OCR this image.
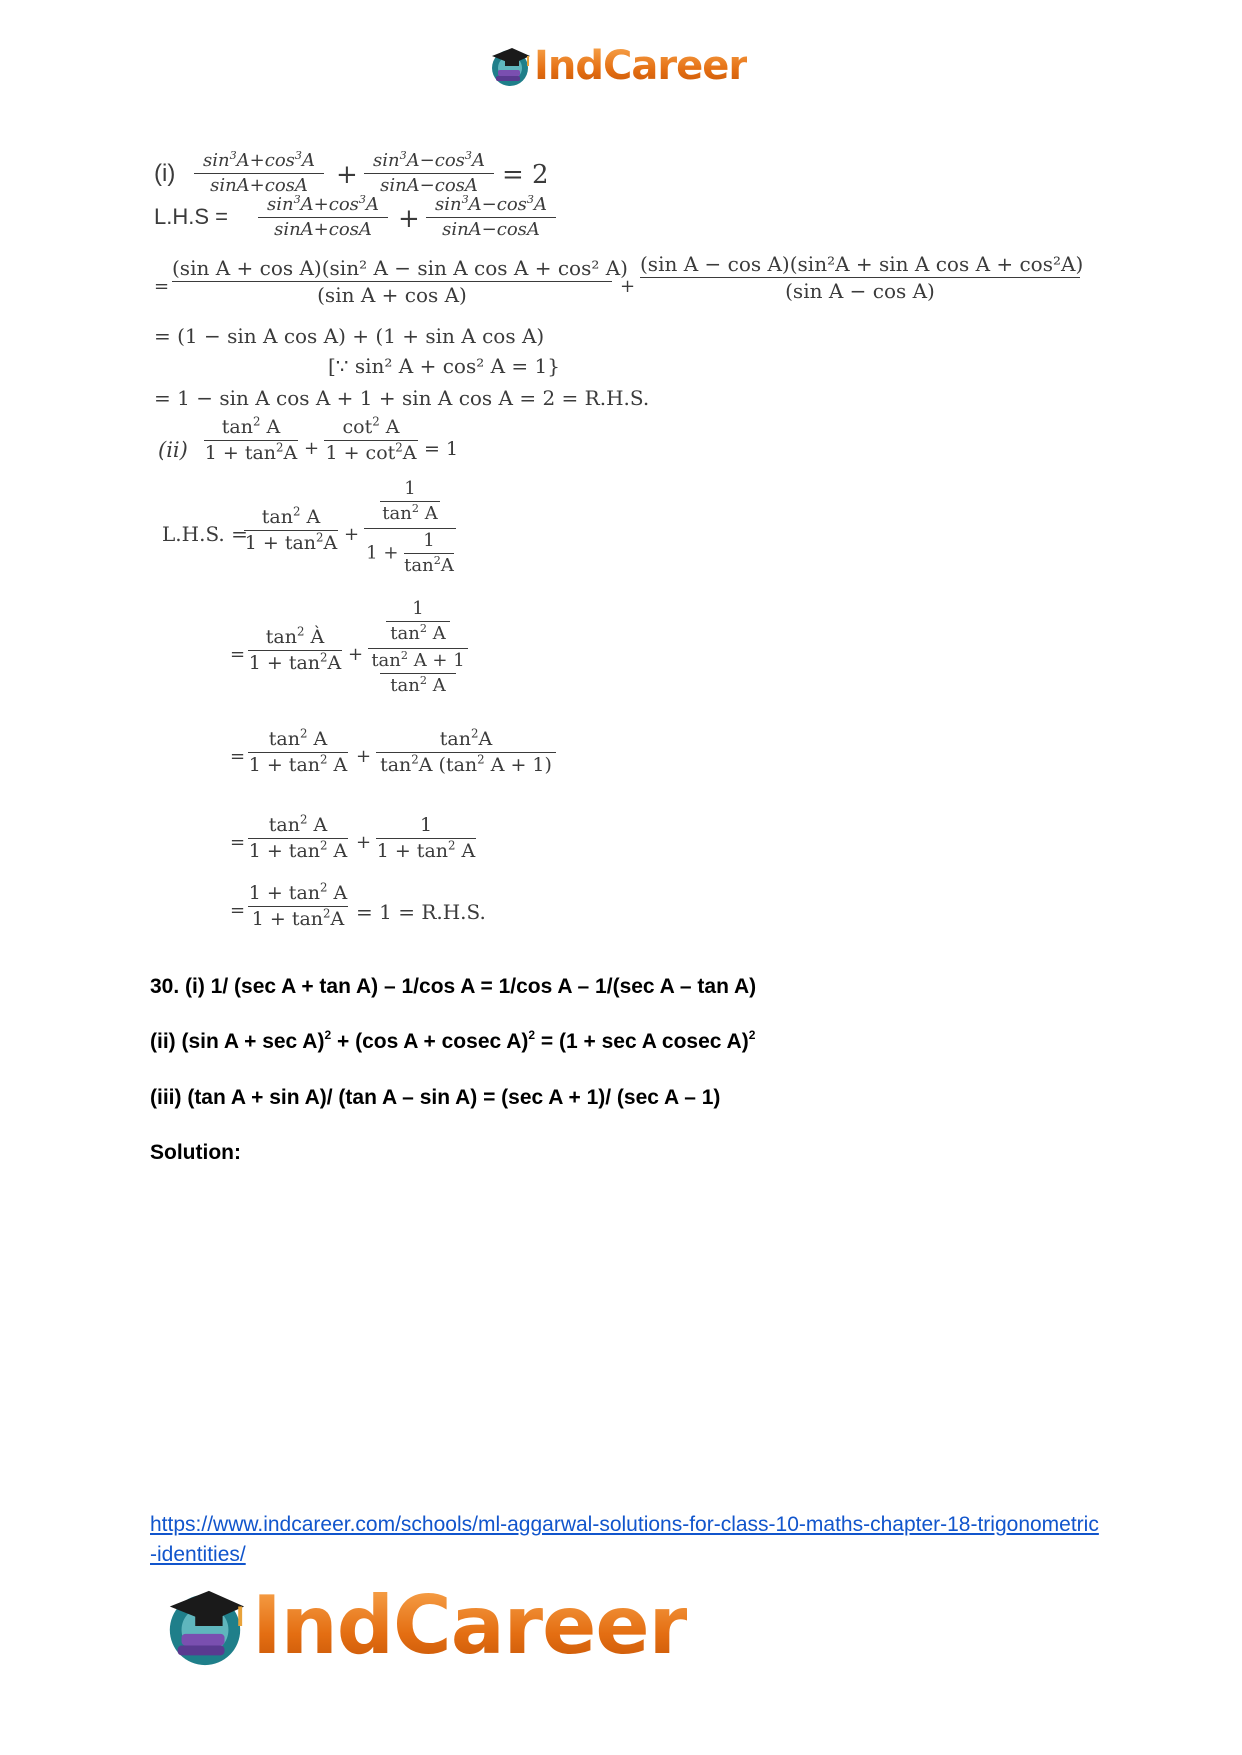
IndCareer
(i)	$\sin^3A+\cos^3A$
sinA+cosA	+ $\sin^3A-\cos^3A$
sinA−cosA = 2
L.H.S =	$\sin^3A+\cos^3A$
sinA+cosA	+ $\sin^3A-\cos^3A$
sinA−cosA
=
(sin A + cos A)(sin² A − sin A cos A + cos² A)
(sin A + cos A)	+
(sin A − cos A)(sin²A + sin A cos A + cos²A)
(sin A − cos A)
= (1 − sin A cos A) + (1 + sin A cos A)
[∵ sin² A + cos² A = 1}
= 1 − sin A cos A + 1 + sin A cos A = 2 = R.H.S.
(ii)
$\tan^2 A$
$1 + \tan^2A$ +
$\cot^2 A$
$1 + \cot^2A = 1$
L.H.S. =
$\tan^2 A$
$1 + \tan^2A$ +
$\frac{1}{\tan^2 A}$
$1 + \frac{1}{\tan^2A}$
=
$\tan^2$ À
$1 + \tan^2A$ +
$\frac{1}{\tan^2 A}$
$\tan^2 A + 1$
$\tan^2 A$
=
$\tan^2 A$
$1 + \tan^2 A$ +
$\tan^2A$
$\tan^2A$ ($\tan^2$ A + 1)
=
$\tan^2 A$
$1 + \tan^2 A$ +
1
$1 + \tan^2 A$
=
$1 + \tan^2 A$
$1 + \tan^2A = 1 = R.H.S$.
30. (i) 1/ (sec A + tan A) – 1/cos A = 1/cos A – 1/(sec A – tan A)
(ii) (sin A + sec A)$^2$ + (cos A + cosec A)$^2$ = (1 + sec A cosec A)$^2$
(iii) (tan A + sin A)/ (tan A – sin A) = (sec A + 1)/ (sec A – 1)
Solution:
https://www.indcareer.com/schools/ml-aggarwal-solutions-for-class-10-maths-chapter-18-trigonometric-identities/
IndCareer
